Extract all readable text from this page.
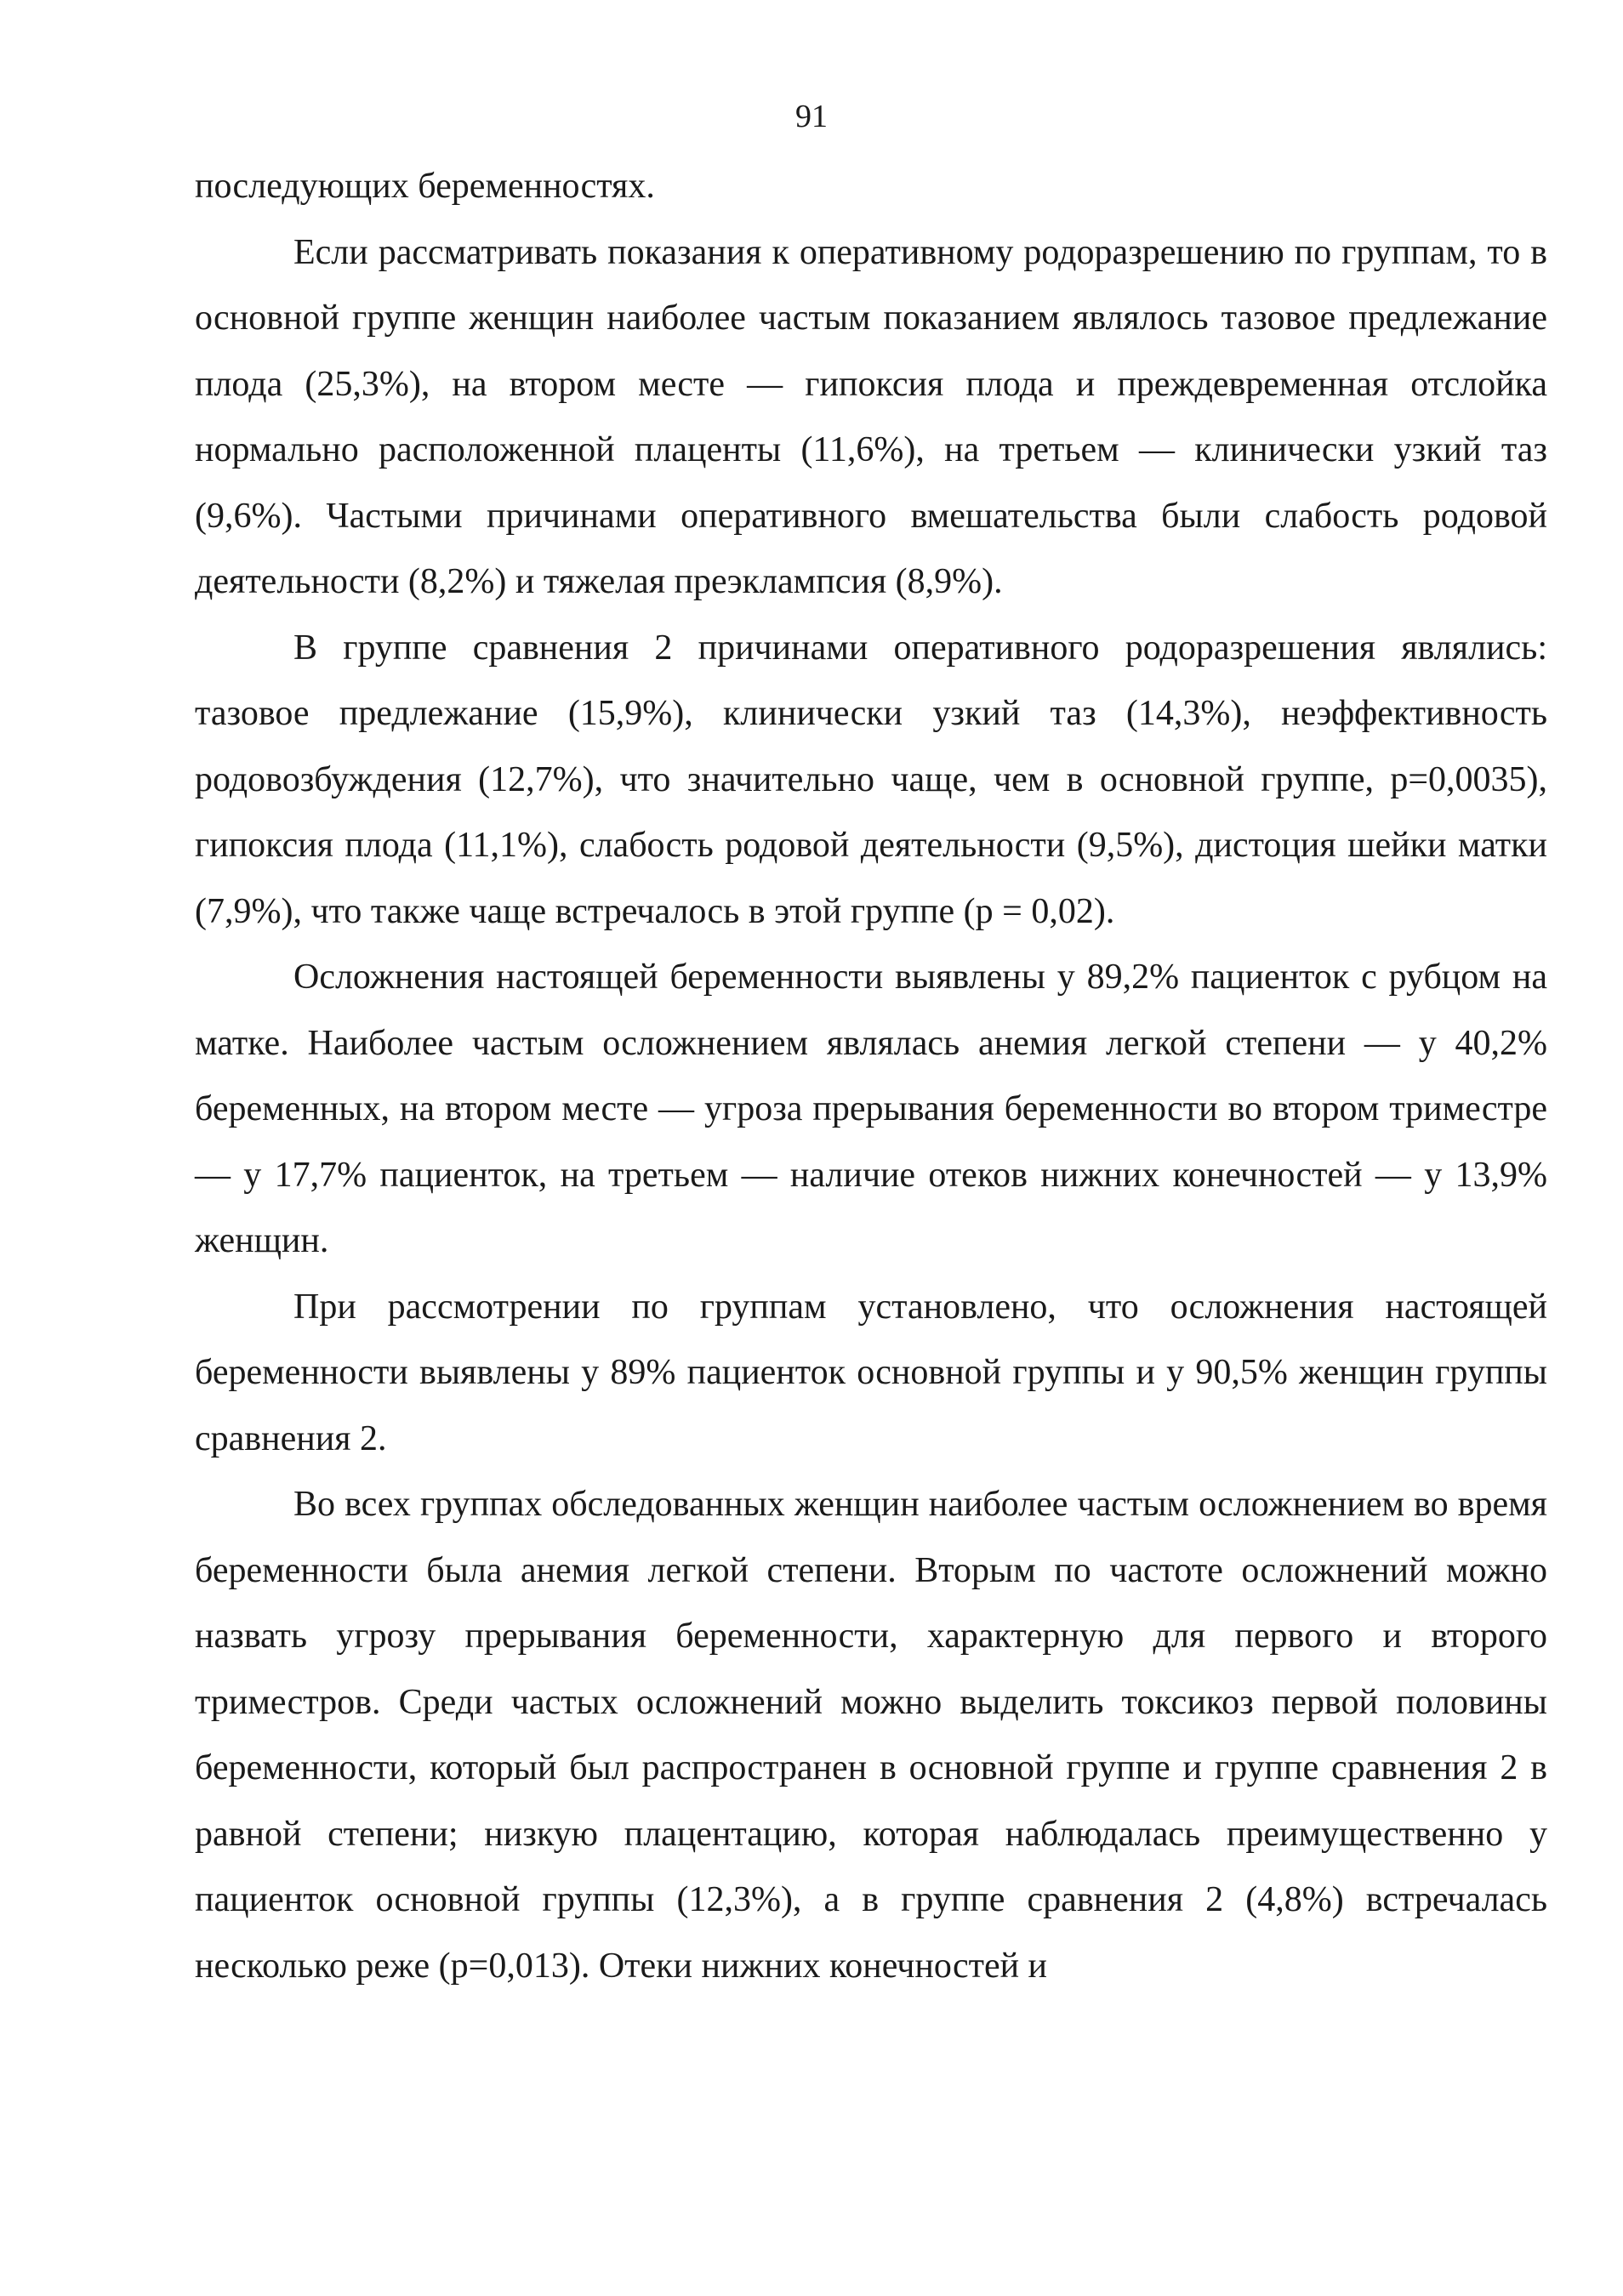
91

последующих беременностях.

Если рассматривать показания к оперативному родоразрешению по группам, то в основной группе женщин наиболее частым показанием являлось тазовое предлежание плода (25,3%), на втором месте — гипоксия плода и преждевременная отслойка нормально расположенной плаценты (11,6%), на третьем — клинически узкий таз (9,6%). Частыми причинами оперативного вмешательства были слабость родовой деятельности (8,2%) и тяжелая преэклампсия (8,9%).

В группе сравнения 2 причинами оперативного родоразрешения являлись: тазовое предлежание (15,9%), клинически узкий таз (14,3%), неэффективность родовозбуждения (12,7%), что значительно чаще, чем в основной группе, p=0,0035), гипоксия плода (11,1%), слабость родовой деятельности (9,5%), дистоция шейки матки (7,9%), что также чаще встречалось в этой группе (p = 0,02).

Осложнения настоящей беременности выявлены у 89,2% пациенток с рубцом на матке. Наиболее частым осложнением являлась анемия легкой степени — у 40,2% беременных, на втором месте — угроза прерывания беременности во втором триместре — у 17,7% пациенток, на третьем — наличие отеков нижних конечностей — у 13,9% женщин.

При рассмотрении по группам установлено, что осложнения настоящей беременности выявлены у 89% пациенток основной группы и у 90,5% женщин группы сравнения 2.

Во всех группах обследованных женщин наиболее частым осложнением во время беременности была анемия легкой степени. Вторым по частоте осложнений можно назвать угрозу прерывания беременности, характерную для первого и второго триместров. Среди частых осложнений можно выделить токсикоз первой половины беременности, который был распространен в основной группе и группе сравнения 2 в равной степени; низкую плацентацию, которая наблюдалась преимущественно у пациенток основной группы (12,3%), а в группе сравнения 2 (4,8%) встречалась несколько реже (p=0,013). Отеки нижних конечностей и
